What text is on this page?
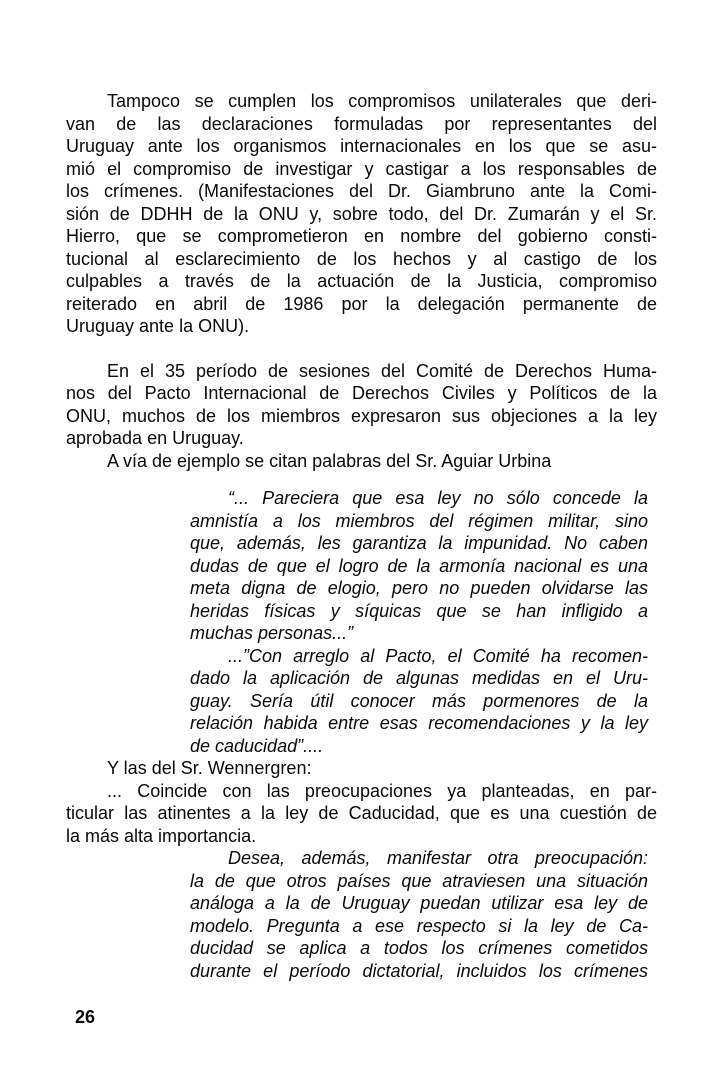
Tampoco se cumplen los compromisos unilaterales que deri-
van de las declaraciones formuladas por representantes del
Uruguay ante los organismos internacionales en los que se asu-
mió el compromiso de investigar y castigar a los responsables de
los crímenes. (Manifestaciones del Dr. Giambruno ante la Comi-
sión de DDHH de la ONU y, sobre todo, del Dr. Zumarán y el Sr.
Hierro, que se comprometieron en nombre del gobierno consti-
tucional al esclarecimiento de los hechos y al castigo de los
culpables a través de la actuación de la Justicia, compromiso
reiterado en abril de 1986 por la delegación permanente de
Uruguay ante la ONU).
En el 35 período de sesiones del Comité de Derechos Huma-
nos del Pacto Internacional de Derechos Civiles y Políticos de la
ONU, muchos de los miembros expresaron sus objeciones a la ley
aprobada en Uruguay.
A vía de ejemplo se citan palabras del Sr. Aguiar Urbina
“... Pareciera que esa ley no sólo concede la
amnistía a los miembros del régimen militar, sino
que, además, les garantiza la impunidad. No caben
dudas de que el logro de la armonía nacional es una
meta digna de elogio, pero no pueden olvidarse las
heridas físicas y síquicas que se han infligido a
muchas personas...”
...”Con arreglo al Pacto, el Comité ha recomen-
dado la aplicación de algunas medidas en el Uru-
guay. Sería útil conocer más pormenores de la
relación habida entre esas recomendaciones y la ley
de caducidad”....
Y las del Sr. Wennergren:
... Coincide con las preocupaciones ya planteadas, en par-
ticular las atinentes a la ley de Caducidad, que es una cuestión de
la más alta importancia.
Desea, además, manifestar otra preocupación:
la de que otros países que atraviesen una situación
análoga a la de Uruguay puedan utilizar esa ley de
modelo. Pregunta a ese respecto si la ley de Ca-
ducidad se aplica a todos los crímenes cometidos
durante el período dictatorial, incluidos los crímenes
26
